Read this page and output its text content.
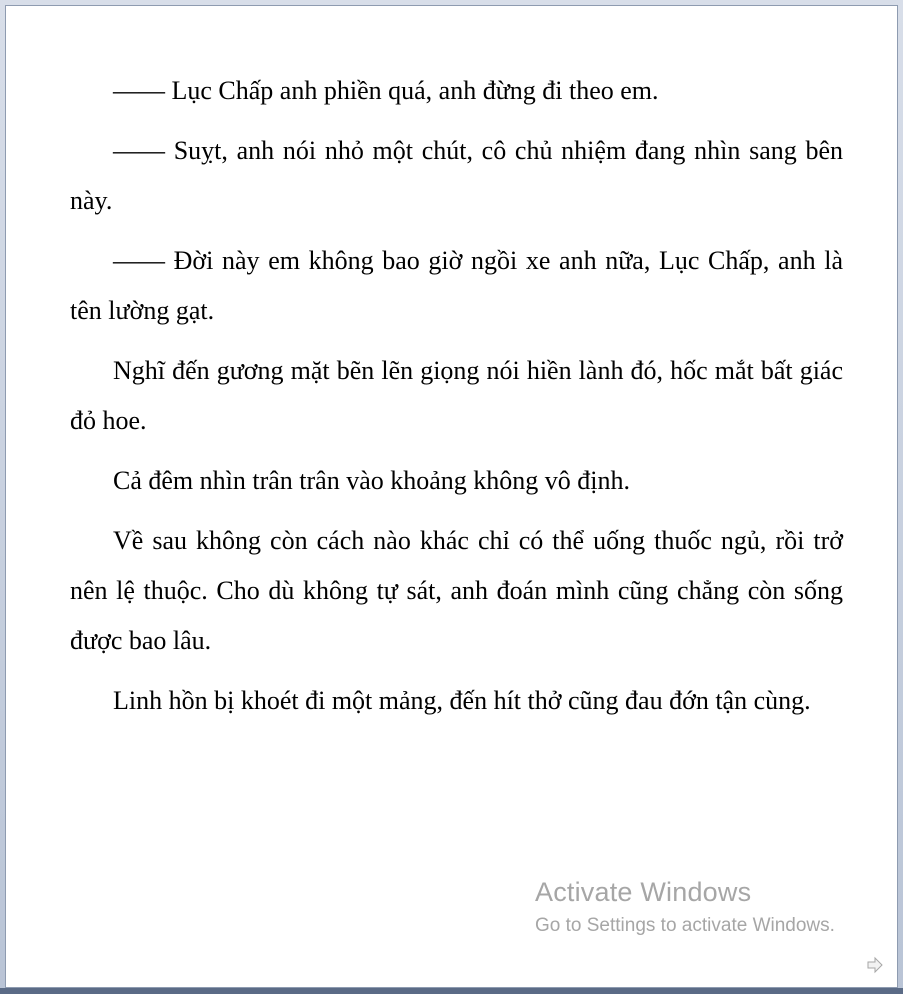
—— Lục Chấp anh phiền quá, anh đừng đi theo em.

—— Suỵt, anh nói nhỏ một chút, cô chủ nhiệm đang nhìn sang bên này.

—— Đời này em không bao giờ ngồi xe anh nữa, Lục Chấp, anh là tên lường gạt.

Nghĩ đến gương mặt bẽn lẽn giọng nói hiền lành đó, hốc mắt bất giác đỏ hoe.

Cả đêm nhìn trân trân vào khoảng không vô định.

Về sau không còn cách nào khác chỉ có thể uống thuốc ngủ, rồi trở nên lệ thuộc. Cho dù không tự sát, anh đoán mình cũng chẳng còn sống được bao lâu.

Linh hồn bị khoét đi một mảng, đến hít thở cũng đau đớn tận cùng.

Activate Windows
Go to Settings to activate Windows.
